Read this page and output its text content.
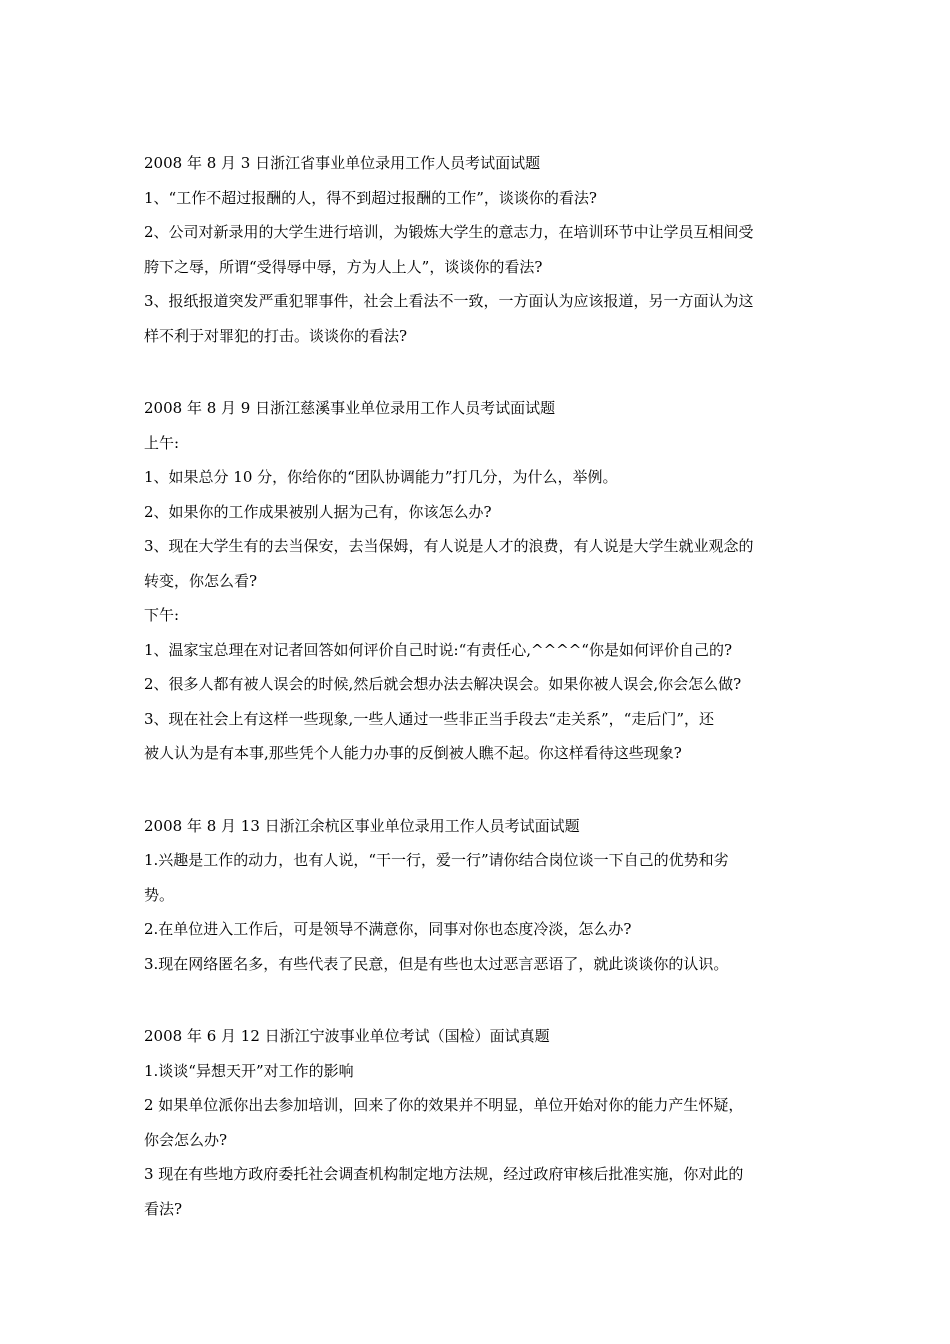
2008 年 8 月 3 日浙江省事业单位录用工作人员考试面试题
1、“工作不超过报酬的人，得不到超过报酬的工作”，谈谈你的看法?
2、公司对新录用的大学生进行培训，为锻炼大学生的意志力，在培训环节中让学员互相间受
胯下之辱，所谓“受得辱中辱，方为人上人”，谈谈你的看法?
3、报纸报道突发严重犯罪事件，社会上看法不一致，一方面认为应该报道，另一方面认为这
样不利于对罪犯的打击。谈谈你的看法?
2008 年 8 月 9 日浙江慈溪事业单位录用工作人员考试面试题
上午:
1、如果总分 10 分，你给你的“团队协调能力”打几分，为什么，举例。
2、如果你的工作成果被别人据为己有，你该怎么办?
3、现在大学生有的去当保安，去当保姆，有人说是人才的浪费，有人说是大学生就业观念的
转变，你怎么看?
下午:
1、温家宝总理在对记者回答如何评价自己时说:“有责任心,^^^^“你是如何评价自己的?
2、很多人都有被人误会的时候,然后就会想办法去解决误会。如果你被人误会,你会怎么做?
3、现在社会上有这样一些现象,一些人通过一些非正当手段去“走关系”，“走后门”，还
被人认为是有本事,那些凭个人能力办事的反倒被人瞧不起。你这样看待这些现象?
2008 年 8 月 13 日浙江余杭区事业单位录用工作人员考试面试题
1.兴趣是工作的动力，也有人说，“干一行，爱一行”请你结合岗位谈一下自己的优势和劣
势。
2.在单位进入工作后，可是领导不满意你，同事对你也态度冷淡，怎么办?
3.现在网络匿名多，有些代表了民意，但是有些也太过恶言恶语了，就此谈谈你的认识。
2008 年 6 月 12 日浙江宁波事业单位考试（国检）面试真题
1.谈谈“异想天开”对工作的影响
2 如果单位派你出去参加培训，回来了你的效果并不明显，单位开始对你的能力产生怀疑，
你会怎么办?
3 现在有些地方政府委托社会调查机构制定地方法规，经过政府审核后批准实施，你对此的
看法?
